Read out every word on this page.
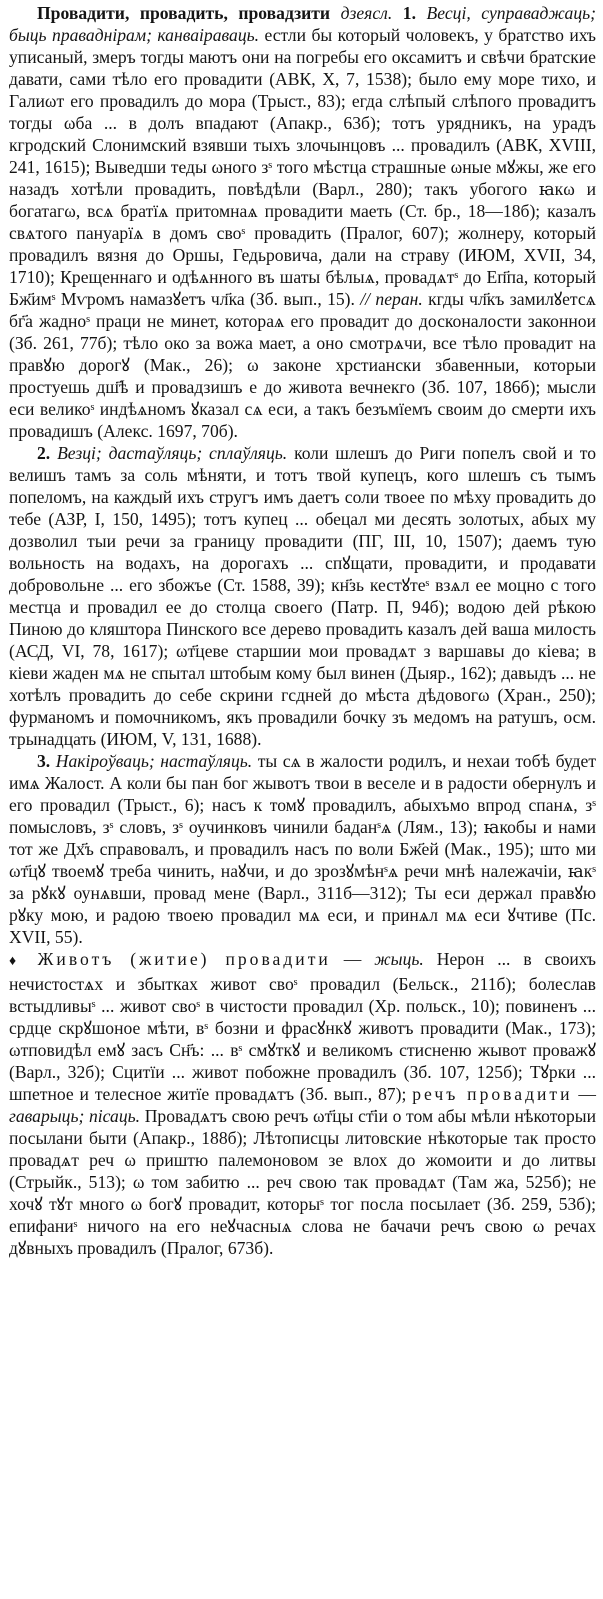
Провадити, провадить, провадзити дзеясл. 1. Весці, суправаджаць; быць праваднірам; канваіраваць. естли бы который чоловекъ, у братство ихъ уписаный, змеръ тогды маютъ они на погребы его оксамитъ и свѣчи братские давати, сами тѣло его провадити (АВК, X, 7, 1538); было ему море тихо, и Галиωт его провадилъ до мора (Трыст., 83); егда слѣпый слѣпого провадитъ тогды ωба ... в долъ впадают (Апакр., 63б); тотъ урядникъ, на урадъ кгродский Слонимский взявши тыхъ злочынцовъ ... провадилъ (АВК, XVIII, 241, 1615); Выведши теды ωного зˢ того мѣстца страшные ωные мꙋжы, же его назадъ хотѣли провадить, повѣдѣли (Варл., 280); такъ убогого ꙗкω и богатагω, всѧ братїѧ притомнаѧ провадити маеть (Ст. бр., 18—18б); казалъ свѧтого пануарїѧ в домъ своˢ провадить (Пралог, 607); жолнеру, который провадилъ вязня до Оршы, Гедьровича, дали на страву (ИЮМ, XVII, 34, 1710); Крещеннаго и одѣѧнного въ шаты бѣлыѧ, провадѧтˢ до Еп҃па, который Бж҃имˢ Мѵромъ намазꙋетъ чл҃ка (Зб. вып., 15). // перан. кгды чл҃къ замилꙋетсѧ бг҃а жадноˢ праци не минет, котораѧ его провадит до досконалости законнои (Зб. 261, 77б); тѣло око за вожа мает, а оно смотрѧчи, все тѣло провадит на правꙋю дорогꙋ (Мак., 26); ω законе хрстиански збавенныи, которыи простуешь дш҃ѣ и провадзишъ е до живота вечнекго (Зб. 107, 186б); мысли еси великоˢ индѣѧномъ ꙋказал сѧ еси, а такъ безъмїемъ своим до смерти ихъ провадишъ (Алекс. 1697, 70б).

2. Везці; дастаўляць; сплаўляць. коли шлешъ до Риги попелъ свой и то велишъ тамъ за соль мѣняти, и тотъ твой купецъ, кого шлешъ съ тымъ попеломъ, на каждый ихъ стругъ имъ даетъ соли твоее по мѣху провадить до тебе (АЗР, I, 150, 1495); тотъ купец ... обецал ми десять золотых, абых му дозволил тыи речи за границу провадити (ПГ, III, 10, 1507); даемъ тую вольность на водахъ, на дорогахъ ... спꙋщати, провадити, и продавати добровольне ... его збожъе (Ст. 1588, 39); кн҃зь кестꙋтеˢ взѧл ее моцно с того местца и провадил ее до столца своего (Патр. П, 94б); водою дей рѣкою Пиною до кляштора Пинского все дерево провадить казалъ дей ваша милость (АСД, VI, 78, 1617); ωт҃цеве старшии мои провадѧт з варшавы до кіева; в кіеви жаден мѧ не спытал штобым кому был винен (Дыяр., 162); давыдъ ... не хотѣлъ провадить до себе скрини гсдней до мѣста дѣдовогω (Хран., 250); фурманомъ и помочникомъ, якъ провадили бочку зъ медомъ на ратушъ, осм. трынадцать (ИЮМ, V, 131, 1688).

3. Накіроўваць; настаўляць. ты сѧ в жалости родилъ, и нехаи тобѣ будет имѧ Жалост. А коли бы пан бог жывотъ твои в веселе и в радости обернулъ и его провадил (Трыст., 6); насъ к томꙋ провадилъ, абыхъмо впрод спанѧ, зˢ помысловъ, зˢ словъ, зˢ оучинковъ чинили баданˢѧ (Лям., 13); ꙗкобы и нами тот же Дх҃ъ справовалъ, и провадилъ насъ по воли Бж҃ей (Мак., 195); што ми ωт҃цꙋ твоемꙋ треба чинить, наꙋчи, и до зрозꙋмѣнˢѧ речи мнѣ належачіи, ꙗкˢ за рꙋкꙋ оунѧвши, провад мене (Варл., 311б—312); Ты еси держал правꙋю рꙋку мою, и радою твоею провадил мѧ еси, и принѧл мѧ еси ꙋчтиве (Пс. XVII, 55).

♦ Животъ (житие) провадити — жыць. Нерон ... в своихъ нечистостѧх и збытках живот своˢ провадил (Бельск., 211б); болеслав встыдливыˢ ... живот своˢ в чистости провадил (Хр. польск., 10); повиненъ ... срдце скрꙋшоное мѣти, вˢ бозни и фрасꙋнкꙋ животъ провадити (Мак., 173); ωтповидѣл емꙋ засъ Сн҃ъ: ... вˢ смꙋткꙋ и великомъ стисненю жывот проважꙋ (Варл., 32б); Сцитїи ... живот побожне провадилъ (Зб. 107, 125б); Тꙋрки ... шпетное и телесное житїе провадѧтъ (Зб. вып., 87); речъ провадити — гаварыць; пісаць. Провадѧтъ свою речъ ωт҃цы ст҃іи о том абы мѣли нѣкоторыи посылани быти (Апакр., 188б); Лѣтописцы литовские нѣкоторые так просто провадѧт реч ω приштю палемоновом зе влох до жомоити и до литвы (Стрыйк., 513); ω том забитю ... реч свою так провадѧт (Там жа, 525б); не хочꙋ тꙋт много ω богꙋ провадит, которыˢ тог посла посылает (Зб. 259, 53б); епифаниˢ ничого на его неꙋчасныѧ слова не бачачи речъ свою ω речах дꙋвныхъ провадилъ (Пралог, 673б).
